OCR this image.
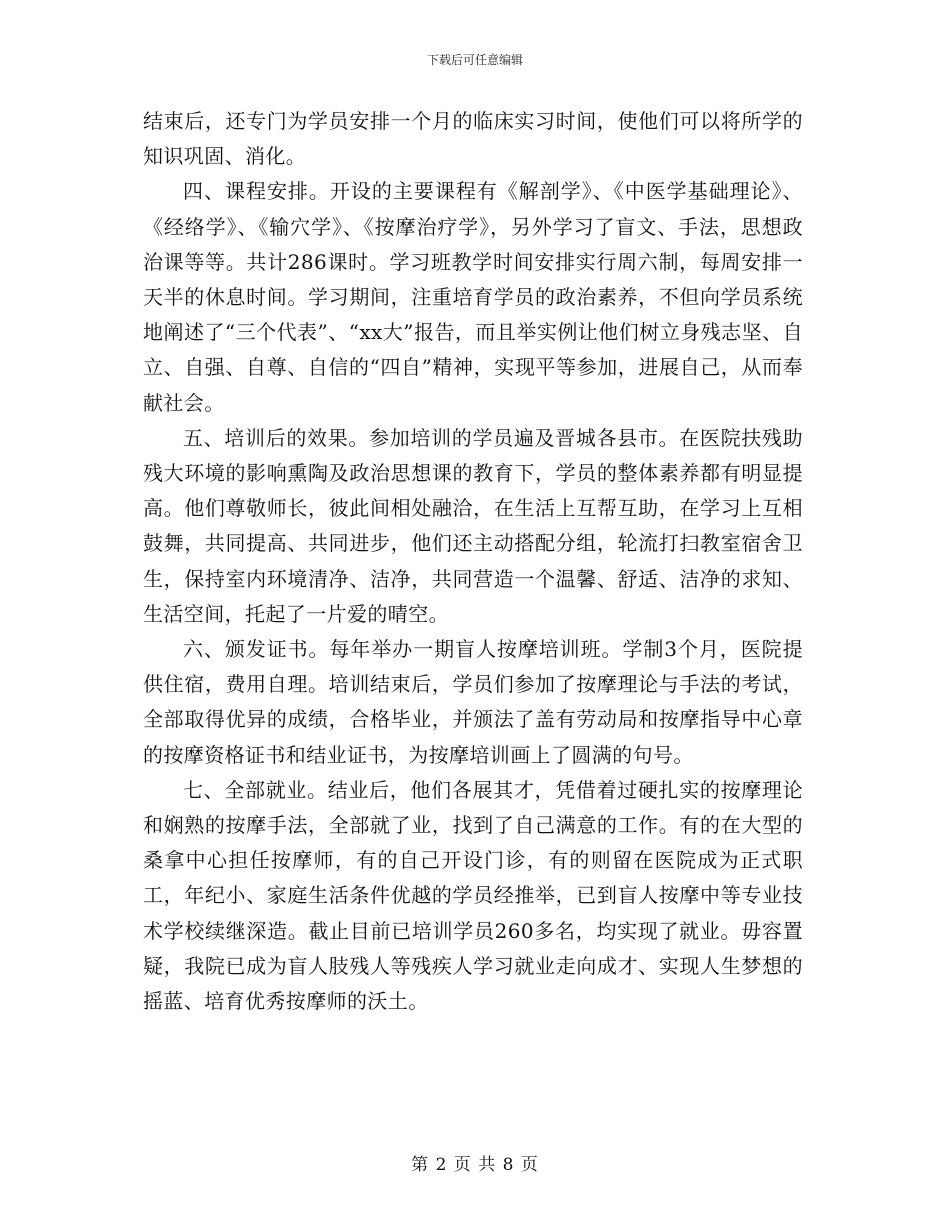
下载后可任意编辑

结束后，还专门为学员安排一个月的临床实习时间，使他们可以将所学的知识巩固、消化。

四、课程安排。开设的主要课程有《解剖学》、《中医学基础理论》、《经络学》、《输穴学》、《按摩治疗学》，另外学习了盲文、手法，思想政治课等等。共计286课时。学习班教学时间安排实行周六制，每周安排一天半的休息时间。学习期间，注重培育学员的政治素养，不但向学员系统地阐述了“三个代表”、“xx大”报告，而且举实例让他们树立身残志坚、自立、自强、自尊、自信的“四自”精神，实现平等参加，进展自己，从而奉献社会。

五、培训后的效果。参加培训的学员遍及晋城各县市。在医院扶残助残大环境的影响熏陶及政治思想课的教育下，学员的整体素养都有明显提高。他们尊敬师长，彼此间相处融洽，在生活上互帮互助，在学习上互相鼓舞，共同提高、共同进步，他们还主动搭配分组，轮流打扫教室宿舍卫生，保持室内环境清净、洁净，共同营造一个温馨、舒适、洁净的求知、生活空间，托起了一片爱的晴空。

六、颁发证书。每年举办一期盲人按摩培训班。学制3个月，医院提供住宿，费用自理。培训结束后，学员们参加了按摩理论与手法的考试，全部取得优异的成绩，合格毕业，并颁法了盖有劳动局和按摩指导中心章的按摩资格证书和结业证书，为按摩培训画上了圆满的句号。

七、全部就业。结业后，他们各展其才，凭借着过硬扎实的按摩理论和娴熟的按摩手法，全部就了业，找到了自己满意的工作。有的在大型的桑拿中心担任按摩师，有的自己开设门诊，有的则留在医院成为正式职工，年纪小、家庭生活条件优越的学员经推举，已到盲人按摩中等专业技术学校续继深造。截止目前已培训学员260多名，均实现了就业。毋容置疑，我院已成为盲人肢残人等残疾人学习就业走向成才、实现人生梦想的摇蓝、培育优秀按摩师的沃土。

第 2 页 共 8 页
